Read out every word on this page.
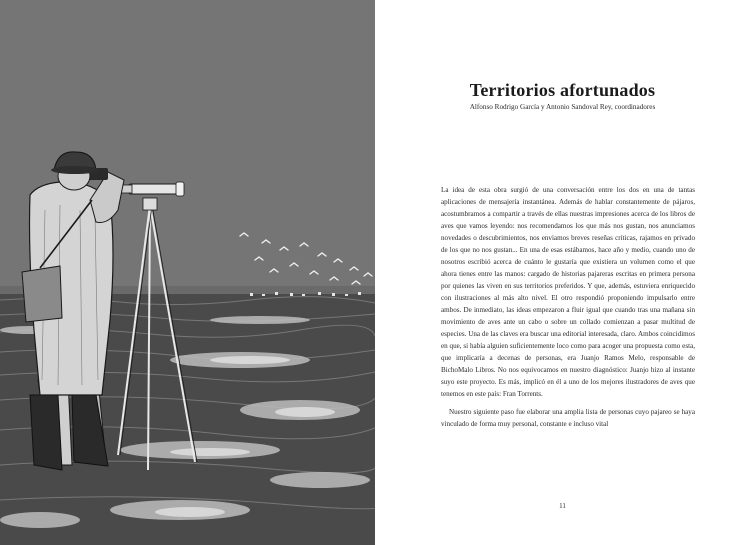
Territorios afortunados
Alfonso Rodrigo García y Antonio Sandoval Rey, coordinadores

La idea de esta obra surgió de una conversación entre los dos en una de tantas aplicaciones de mensajería instantánea. Además de hablar constantemente de pájaros, acostumbramos a compartir a través de ellas nuestras impresiones acerca de los libros de aves que vamos leyendo: nos recomendamos los que más nos gustan, nos anunciamos novedades o descubrimientos, nos enviamos breves reseñas críticas, rajamos en privado de los que no nos gustan... En una de esas estábamos, hace año y medio, cuando uno de nosotros escribió acerca de cuánto le gustaría que existiera un volumen como el que ahora tienes entre las manos: cargado de historias pajareras escritas en primera persona por quienes las viven en sus territorios preferidos. Y que, además, estuviera enriquecido con ilustraciones al más alto nivel. El otro respondió proponiendo impulsarlo entre ambos. De inmediato, las ideas empezaron a fluir igual que cuando tras una mañana sin movimiento de aves ante un cabo o sobre un collado comienzan a pasar multitud de especies. Una de las claves era buscar una editorial interesada, claro. Ambos coincidimos en que, si había alguien suficientemente loco como para acoger una propuesta como esta, que implicaría a decenas de personas, era Juanjo Ramos Melo, responsable de BichoMalo Libros. No nos equivocamos en nuestro diagnóstico: Juanjo hizo al instante suyo este proyecto. Es más, implicó en él a uno de los mejores ilustradores de aves que tenemos en este país: Fran Torrents.

Nuestro siguiente paso fue elaborar una amplia lista de personas cuyo pajareo se haya vinculado de forma muy personal, constante e incluso vital

11
